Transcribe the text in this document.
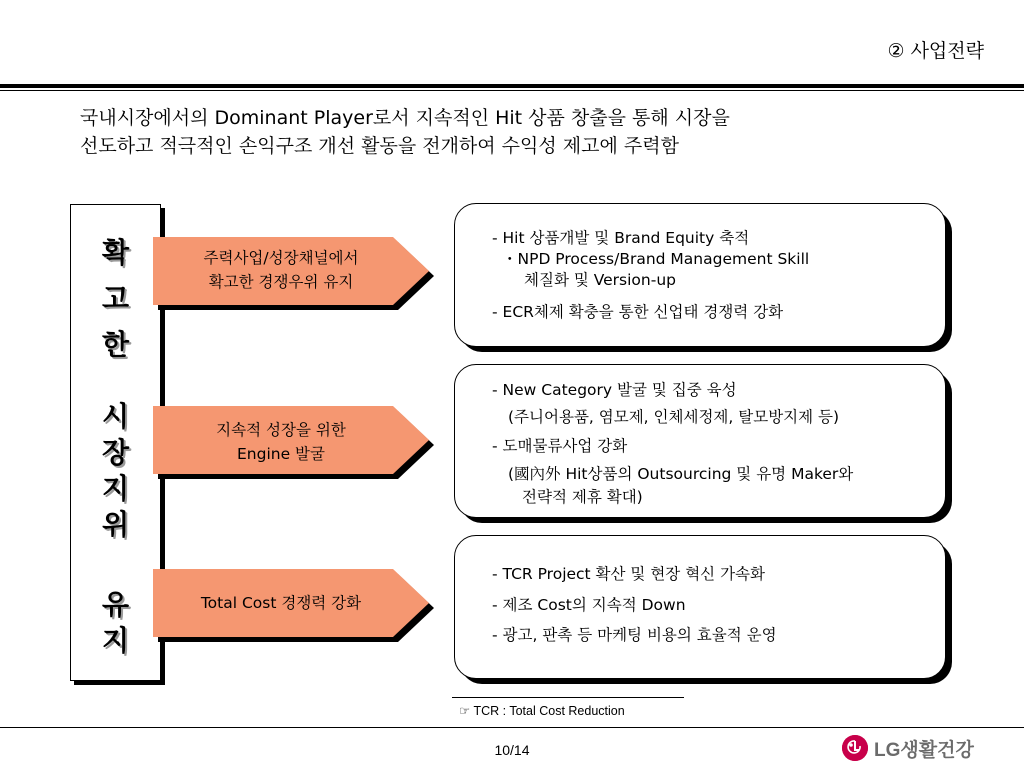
② 사업전략
국내시장에서의 Dominant Player로서 지속적인 Hit 상품 창출을 통해 시장을
선도하고 적극적인 손익구조 개선 활동을 전개하여 수익성 제고에 주력함
확
고
한
시
장
지
위
유
지
주력사업/성장채널에서
확고한 경쟁우위 유지
지속적 성장을 위한
Engine 발굴
Total Cost 경쟁력 강화
- Hit 상품개발 및 Brand Equity 축적
・NPD Process/Brand Management Skill
체질화 및 Version-up
- ECR체제 확충을 통한 신업태 경쟁력 강화
- New Category 발굴 및 집중 육성
(주니어용품, 염모제, 인체세정제, 탈모방지제 등)
- 도매물류사업 강화
(國內外 Hit상품의 Outsourcing 및 유명 Maker와
전략적 제휴 확대)
- TCR Project 확산 및 현장 혁신 가속화
- 제조 Cost의 지속적 Down
- 광고, 판촉 등 마케팅 비용의 효율적 운영
☞ TCR : Total Cost Reduction
10/14	LG생활건강
